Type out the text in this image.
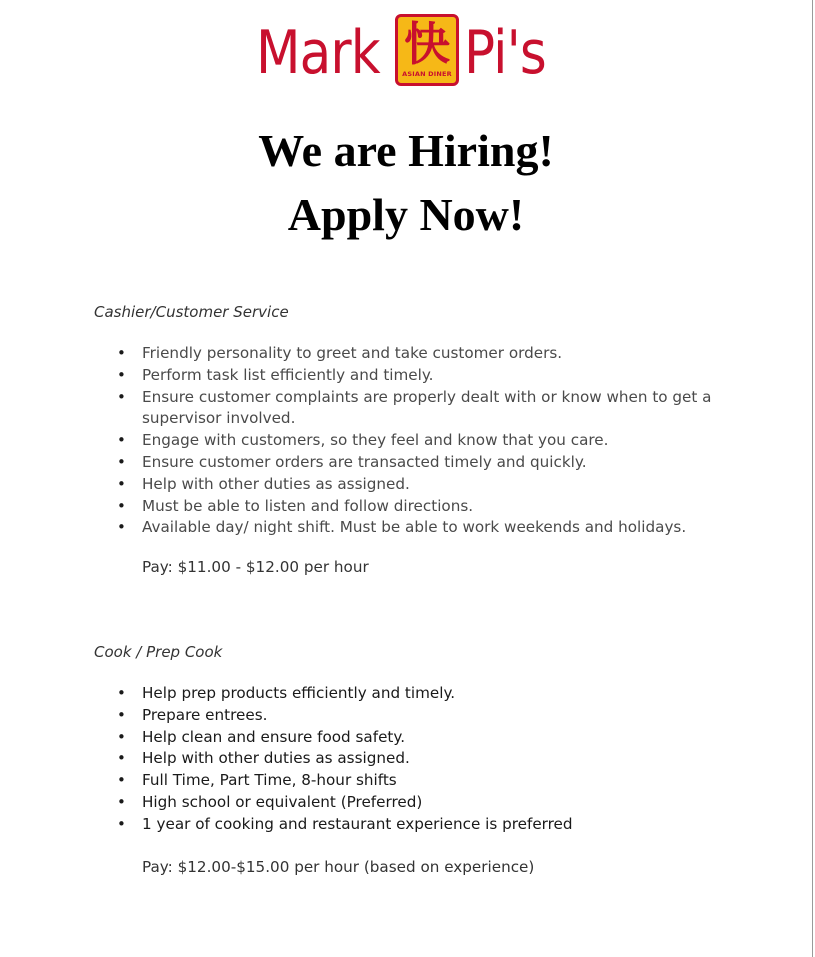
Mark 快
ASIAN DINER Pi's
We are Hiring!
Apply Now!

Cashier/Customer Service

• Friendly personality to greet and take customer orders.
• Perform task list efficiently and timely.
• Ensure customer complaints are properly dealt with or know when to get a supervisor involved.
• Engage with customers, so they feel and know that you care.
• Ensure customer orders are transacted timely and quickly.
• Help with other duties as assigned.
• Must be able to listen and follow directions.
• Available day/ night shift. Must be able to work weekends and holidays.

Pay: $11.00 - $12.00 per hour

Cook / Prep Cook

• Help prep products efficiently and timely.
• Prepare entrees.
• Help clean and ensure food safety.
• Help with other duties as assigned.
• Full Time, Part Time, 8-hour shifts
• High school or equivalent (Preferred)
• 1 year of cooking and restaurant experience is preferred

Pay: $12.00-$15.00 per hour (based on experience)
